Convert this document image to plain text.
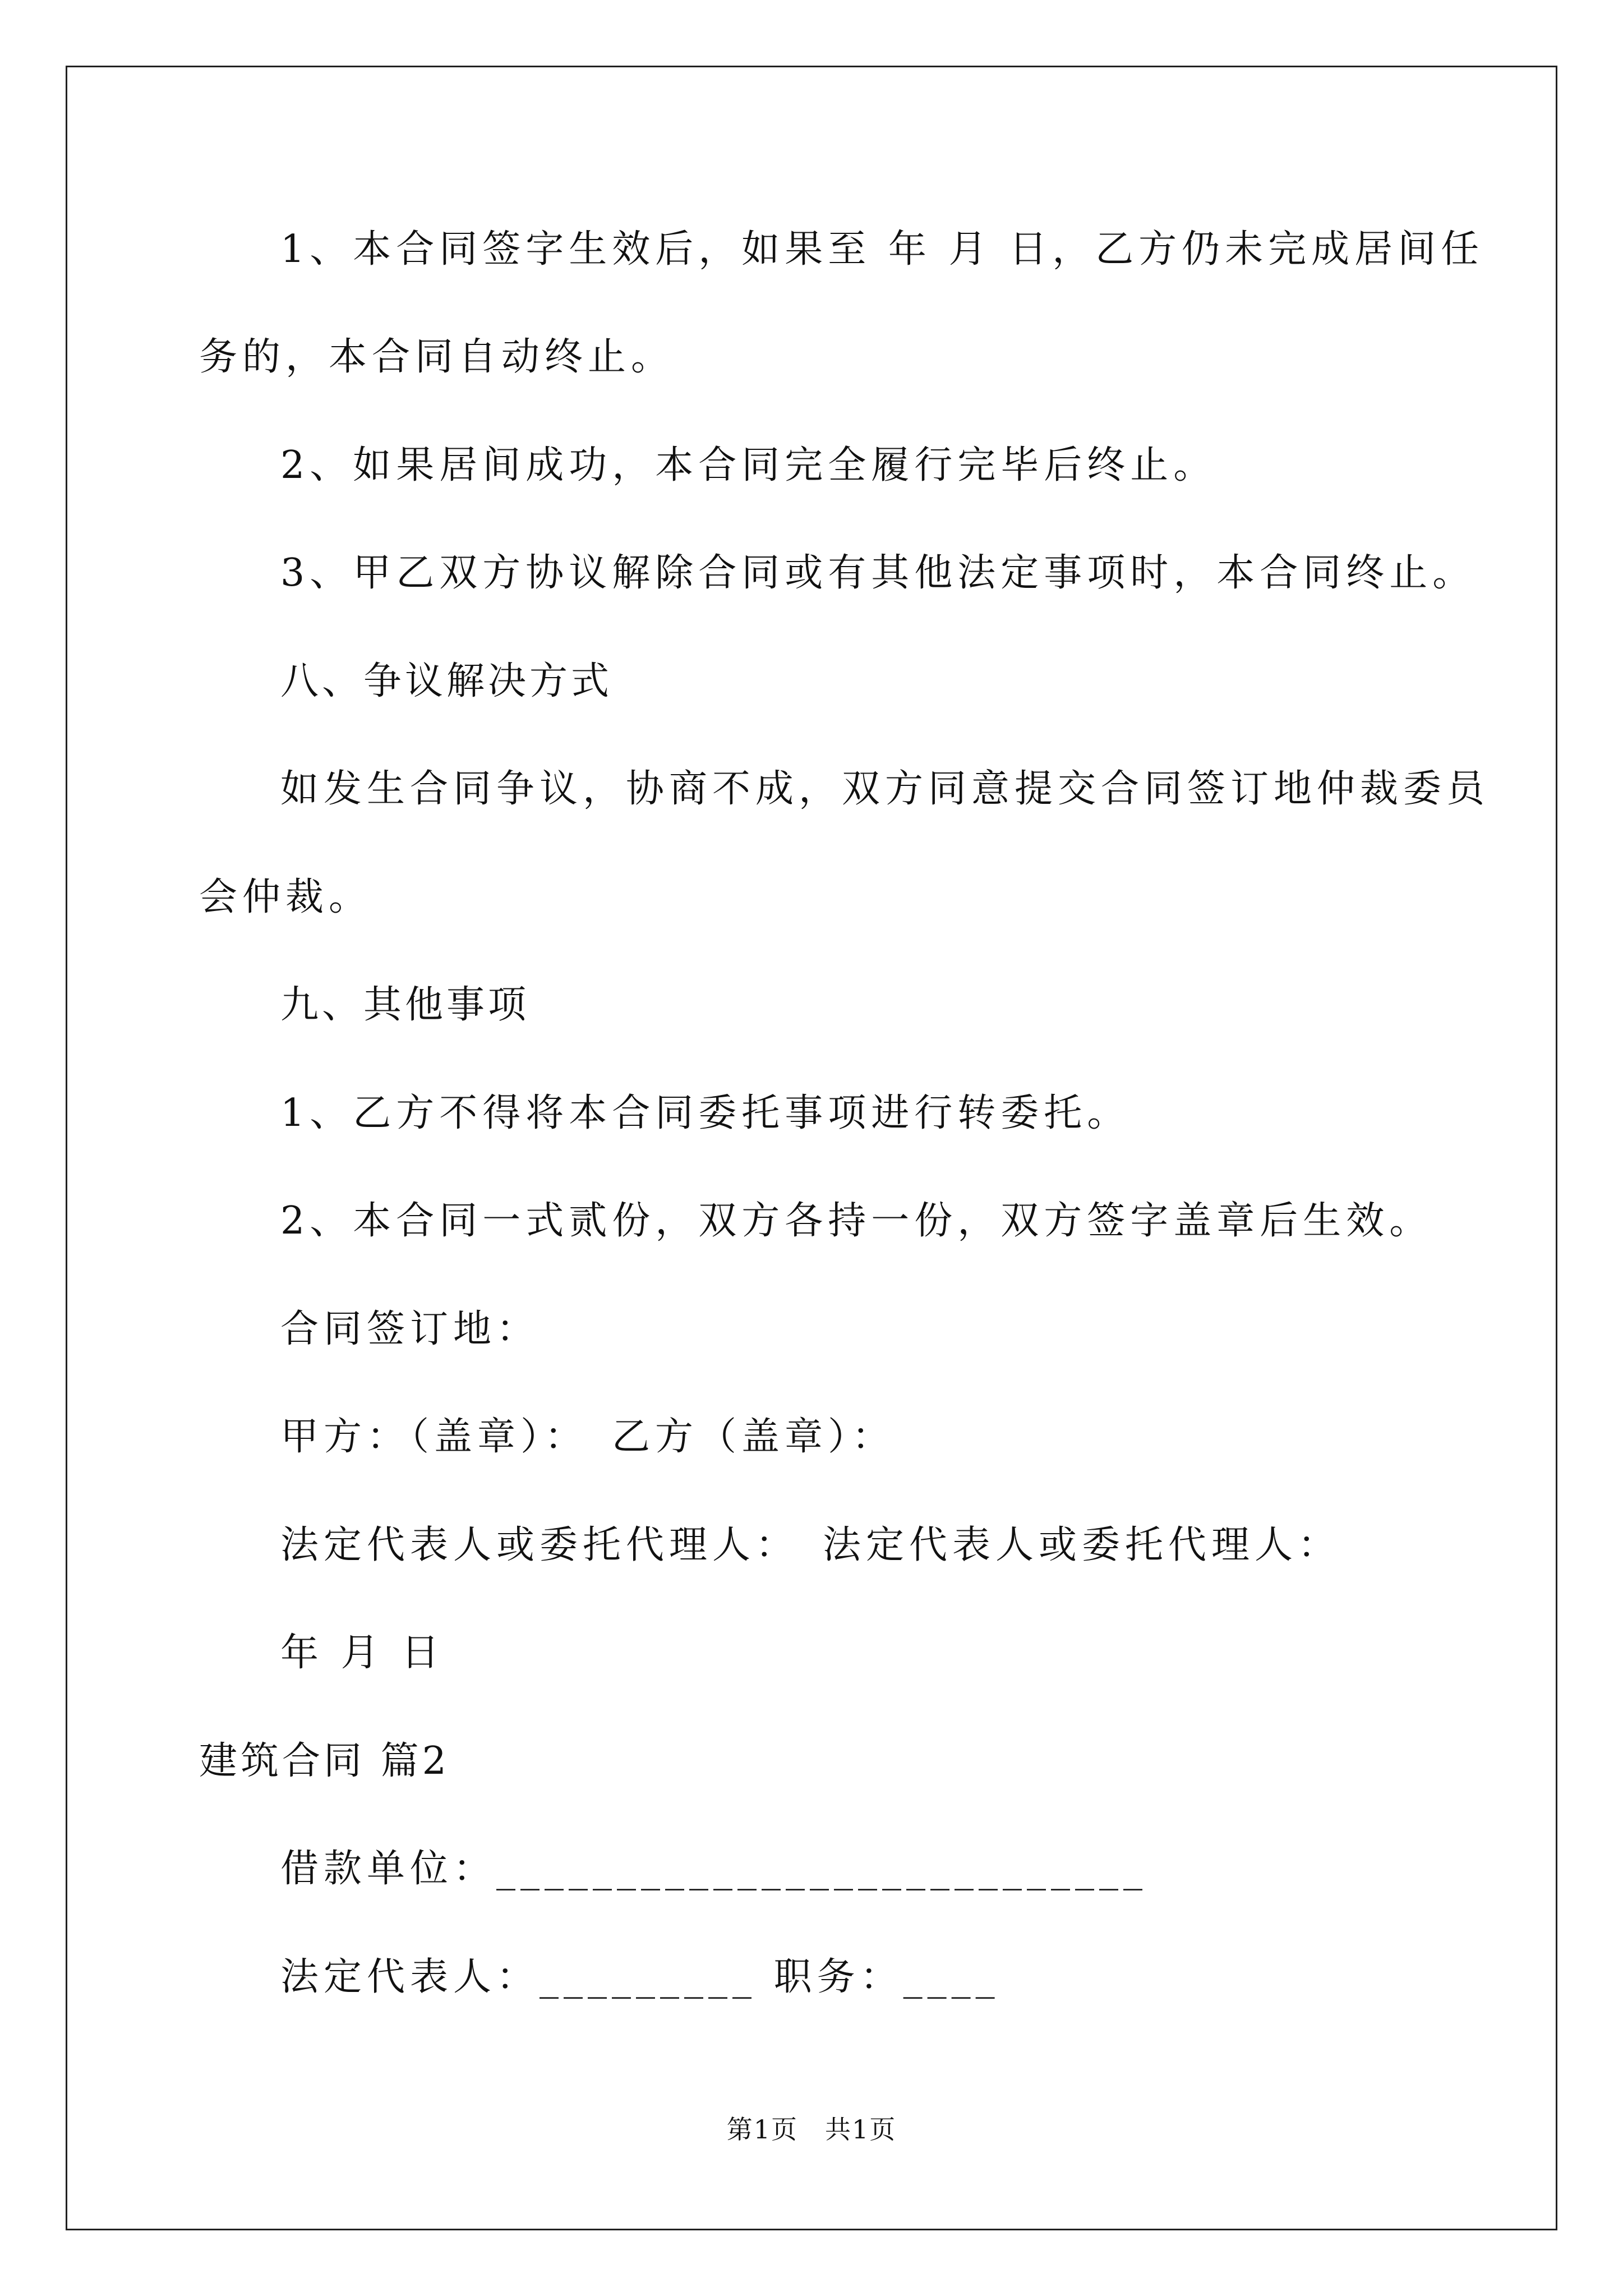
1、本合同签字生效后，如果至 年 月 日，乙方仍未完成居间任
务的，本合同自动终止。
2、如果居间成功，本合同完全履行完毕后终止。
3、甲乙双方协议解除合同或有其他法定事项时，本合同终止。
八、争议解决方式
如发生合同争议，协商不成，双方同意提交合同签订地仲裁委员
会仲裁。
九、其他事项
1、乙方不得将本合同委托事项进行转委托。
2、本合同一式贰份，双方各持一份，双方签字盖章后生效。
合同签订地：
甲方：（盖章）：　乙方（盖章）：
法定代表人或委托代理人：　法定代表人或委托代理人：
年 月 日
建筑合同 篇2
借款单位：___________________________
法定代表人：_________ 职务：____
第1页　共1页
